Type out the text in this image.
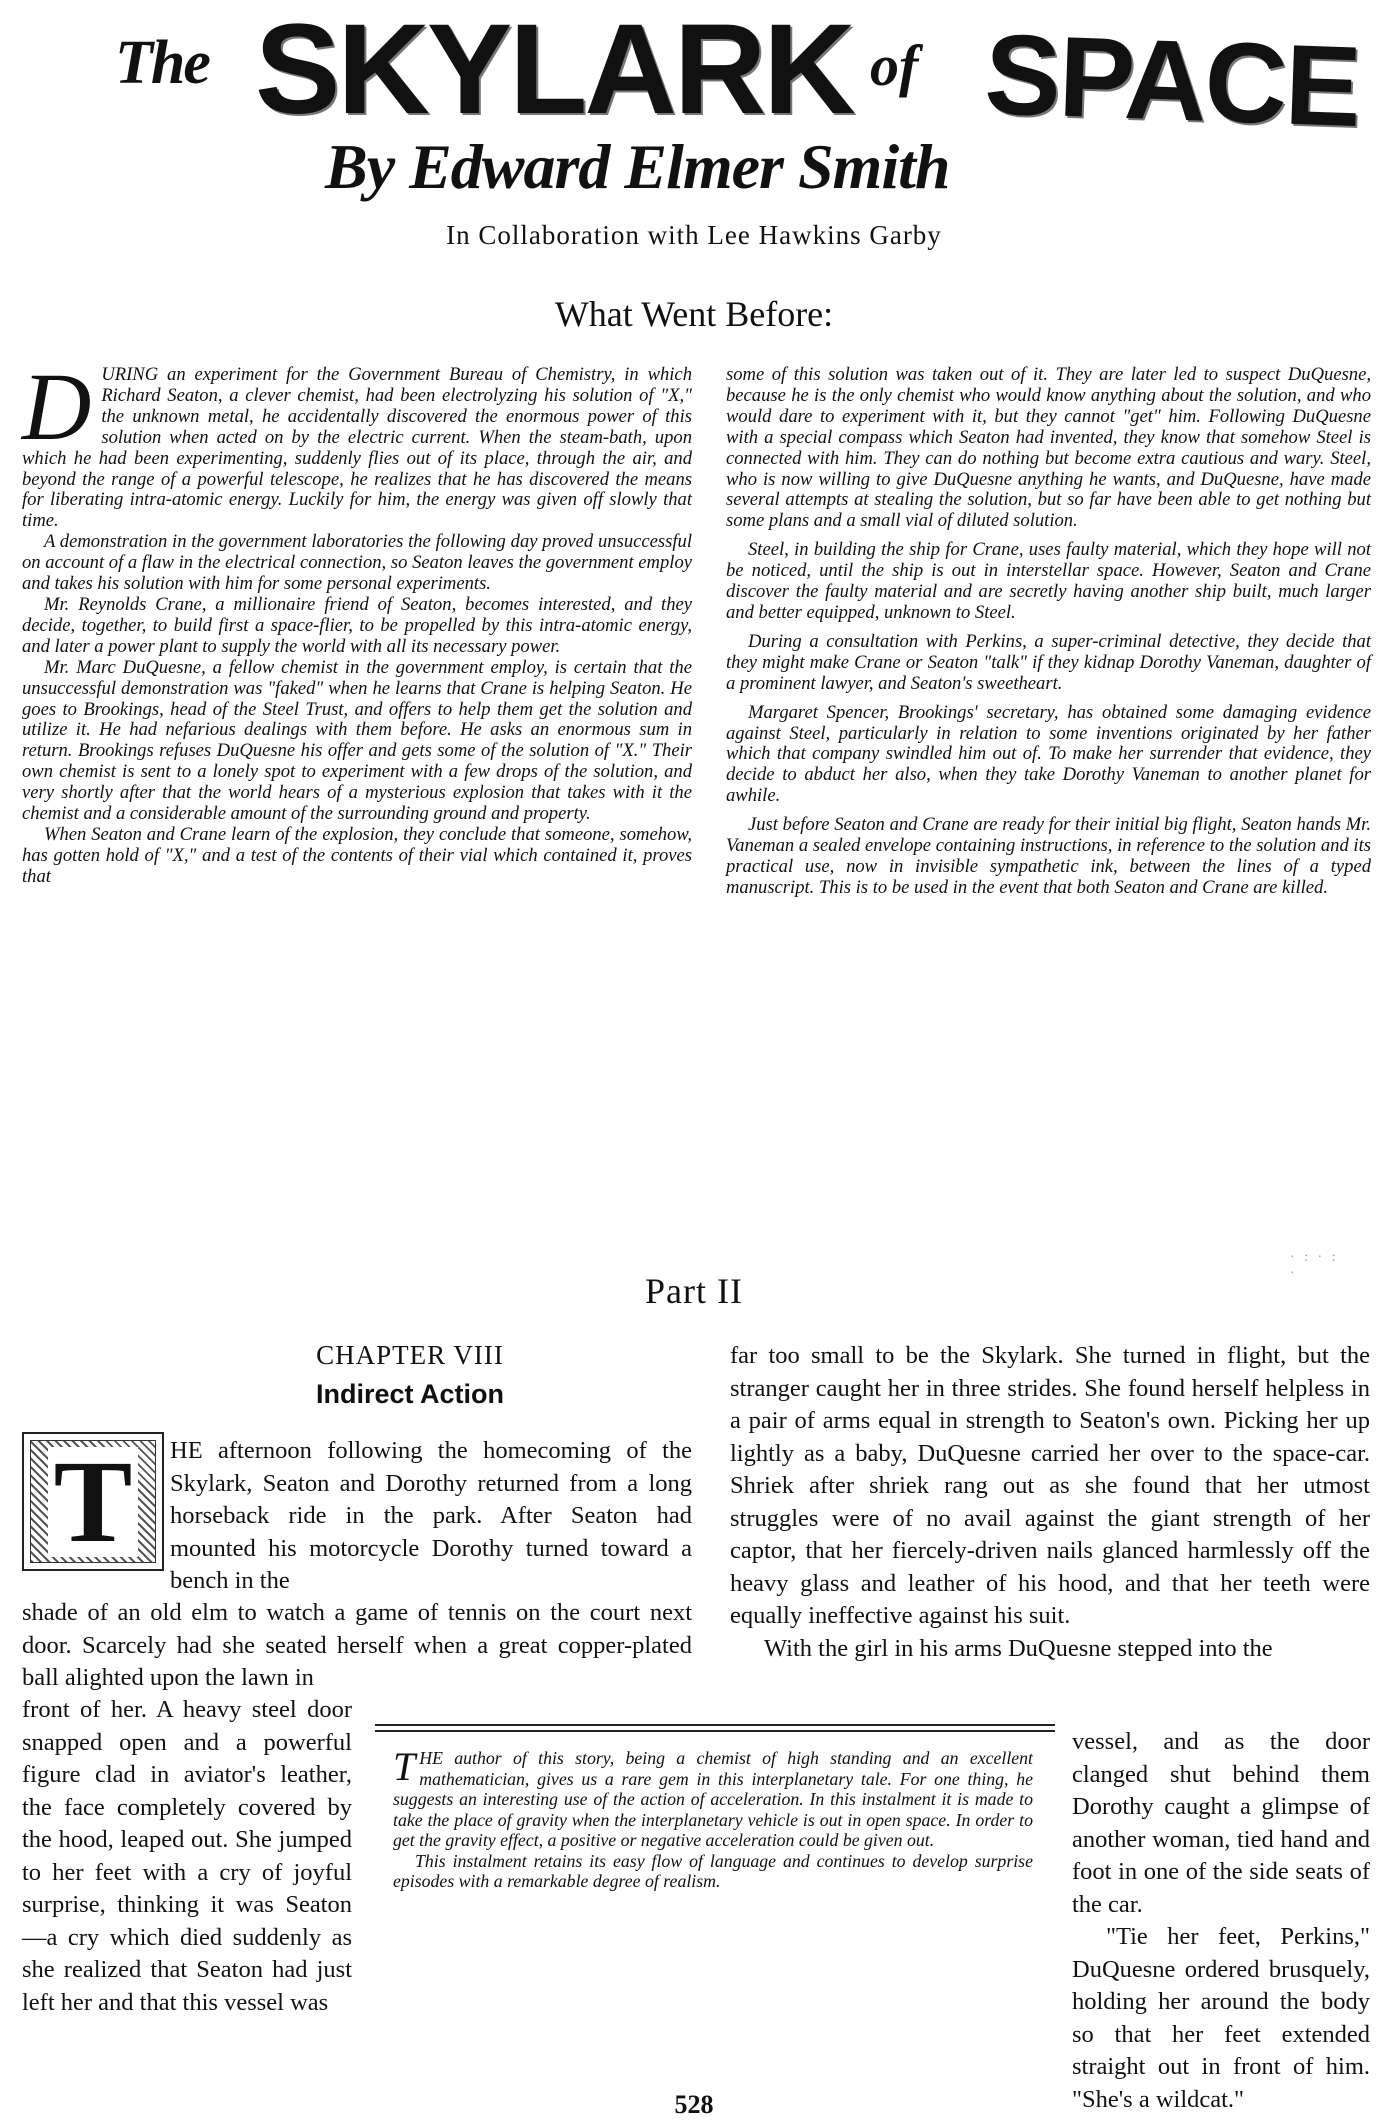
The SKYLARK of SPACE
By Edward Elmer Smith
In Collaboration with Lee Hawkins Garby
What Went Before:

DURING an experiment for the Government Bureau of Chemistry, in which Richard Seaton, a clever chemist, had been electrolyzing his solution of "X," the unknown metal, he accidentally discovered the enormous power of this solution when acted on by the electric current. When the steam-bath, upon which he had been experimenting, suddenly flies out of its place, through the air, and beyond the range of a powerful telescope, he realizes that he has discovered the means for liberating intra-atomic energy. Luckily for him, the energy was given off slowly that time.

A demonstration in the government laboratories the following day proved unsuccessful on account of a flaw in the electrical connection, so Seaton leaves the government employ and takes his solution with him for some personal experiments.

Mr. Reynolds Crane, a millionaire friend of Seaton, becomes interested, and they decide, together, to build first a space-flier, to be propelled by this intra-atomic energy, and later a power plant to supply the world with all its necessary power.

Mr. Marc DuQuesne, a fellow chemist in the government employ, is certain that the unsuccessful demonstration was "faked" when he learns that Crane is helping Seaton. He goes to Brookings, head of the Steel Trust, and offers to help them get the solution and utilize it. He had nefarious dealings with them before. He asks an enormous sum in return. Brookings refuses DuQuesne his offer and gets some of the solution of "X." Their own chemist is sent to a lonely spot to experiment with a few drops of the solution, and very shortly after that the world hears of a mysterious explosion that takes with it the chemist and a considerable amount of the surrounding ground and property.

When Seaton and Crane learn of the explosion, they conclude that someone, somehow, has gotten hold of "X," and a test of the contents of their vial which contained it, proves that

some of this solution was taken out of it. They are later led to suspect DuQuesne, because he is the only chemist who would know anything about the solution, and who would dare to experiment with it, but they cannot "get" him. Following DuQuesne with a special compass which Seaton had invented, they know that somehow Steel is connected with him. They can do nothing but become extra cautious and wary. Steel, who is now willing to give DuQuesne anything he wants, and DuQuesne, have made several attempts at stealing the solution, but so far have been able to get nothing but some plans and a small vial of diluted solution.

Steel, in building the ship for Crane, uses faulty material, which they hope will not be noticed, until the ship is out in interstellar space. However, Seaton and Crane discover the faulty material and are secretly having another ship built, much larger and better equipped, unknown to Steel.

During a consultation with Perkins, a super-criminal detective, they decide that they might make Crane or Seaton "talk" if they kidnap Dorothy Vaneman, daughter of a prominent lawyer, and Seaton's sweetheart.

Margaret Spencer, Brookings' secretary, has obtained some damaging evidence against Steel, particularly in relation to some inventions originated by her father which that company swindled him out of. To make her surrender that evidence, they decide to abduct her also, when they take Dorothy Vaneman to another planet for awhile.

Just before Seaton and Crane are ready for their initial big flight, Seaton hands Mr. Vaneman a sealed envelope containing instructions, in reference to the solution and its practical use, now in invisible sympathetic ink, between the lines of a typed manuscript. This is to be used in the event that both Seaton and Crane are killed.

· : · : ·
Part II
CHAPTER VIII
Indirect Action
T HE afternoon following the homecoming of the Skylark, Seaton and Dorothy returned from a long horseback ride in the park. After Seaton had mounted his motorcycle Dorothy turned toward a bench in the

shade of an old elm to watch a game of tennis on the court next door. Scarcely had she seated herself when a great copper-plated ball alighted upon the lawn in

front of her. A heavy steel door snapped open and a powerful figure clad in aviator's leather, the face completely covered by the hood, leaped out. She jumped to her feet with a cry of joyful surprise, thinking it was Seaton—a cry which died suddenly as she realized that Seaton had just left her and that this vessel was

far too small to be the Skylark. She turned in flight, but the stranger caught her in three strides. She found herself helpless in a pair of arms equal in strength to Seaton's own. Picking her up lightly as a baby, DuQuesne carried her over to the space-car. Shriek after shriek rang out as she found that her utmost struggles were of no avail against the giant strength of her captor, that her fiercely-driven nails glanced harmlessly off the heavy glass and leather of his hood, and that her teeth were equally ineffective against his suit.

With the girl in his arms DuQuesne stepped into the

vessel, and as the door clanged shut behind them Dorothy caught a glimpse of another woman, tied hand and foot in one of the side seats of the car.

"Tie her feet, Perkins," DuQuesne ordered brusquely, holding her around the body so that her feet extended straight out in front of him. "She's a wildcat."

THE author of this story, being a chemist of high standing and an excellent mathematician, gives us a rare gem in this interplanetary tale. For one thing, he suggests an interesting use of the action of acceleration. In this instalment it is made to take the place of gravity when the interplanetary vehicle is out in open space. In order to get the gravity effect, a positive or negative acceleration could be given out.

This instalment retains its easy flow of language and continues to develop surprise episodes with a remarkable degree of realism.

528
